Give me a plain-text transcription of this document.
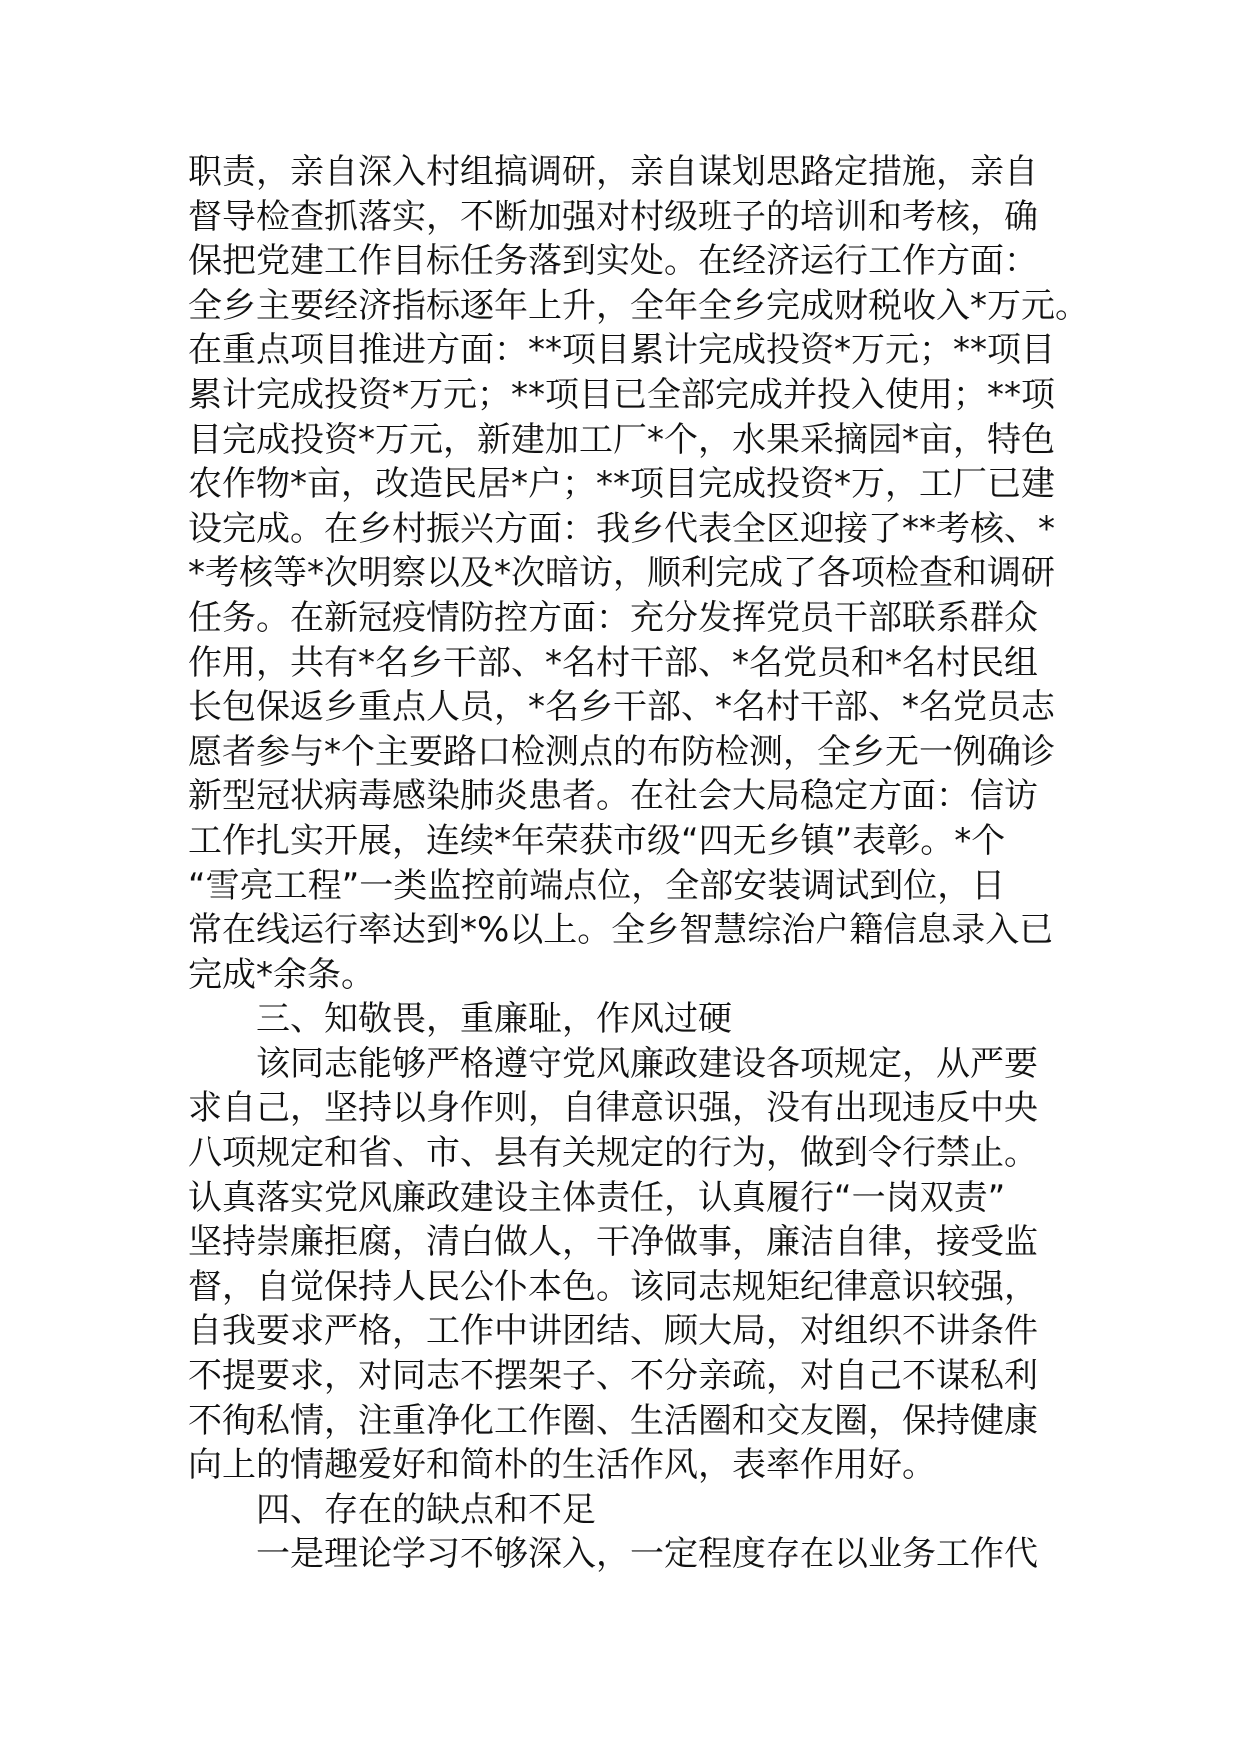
职责，亲自深入村组搞调研，亲自谋划思路定措施，亲自
督导检查抓落实，不断加强对村级班子的培训和考核，确
保把党建工作目标任务落到实处。在经济运行工作方面：
全乡主要经济指标逐年上升，全年全乡完成财税收入*万元。
在重点项目推进方面：**项目累计完成投资*万元；**项目
累计完成投资*万元；**项目已全部完成并投入使用；**项
目完成投资*万元，新建加工厂*个，水果采摘园*亩，特色
农作物*亩，改造民居*户；**项目完成投资*万，工厂已建
设完成。在乡村振兴方面：我乡代表全区迎接了**考核、*
*考核等*次明察以及*次暗访，顺利完成了各项检查和调研
任务。在新冠疫情防控方面：充分发挥党员干部联系群众
作用，共有*名乡干部、*名村干部、*名党员和*名村民组
长包保返乡重点人员，*名乡干部、*名村干部、*名党员志
愿者参与*个主要路口检测点的布防检测，全乡无一例确诊
新型冠状病毒感染肺炎患者。在社会大局稳定方面：信访
工作扎实开展，连续*年荣获市级“四无乡镇”表彰。*个
“雪亮工程”一类监控前端点位，全部安装调试到位，日
常在线运行率达到*%以上。全乡智慧综治户籍信息录入已
完成*余条。
三、知敬畏，重廉耻，作风过硬
该同志能够严格遵守党风廉政建设各项规定，从严要
求自己，坚持以身作则，自律意识强，没有出现违反中央
八项规定和省、市、县有关规定的行为，做到令行禁止。
认真落实党风廉政建设主体责任，认真履行“一岗双责”
坚持崇廉拒腐，清白做人，干净做事，廉洁自律，接受监
督，自觉保持人民公仆本色。该同志规矩纪律意识较强，
自我要求严格，工作中讲团结、顾大局，对组织不讲条件
不提要求，对同志不摆架子、不分亲疏，对自己不谋私利
不徇私情，注重净化工作圈、生活圈和交友圈，保持健康
向上的情趣爱好和简朴的生活作风，表率作用好。
四、存在的缺点和不足
一是理论学习不够深入，一定程度存在以业务工作代
